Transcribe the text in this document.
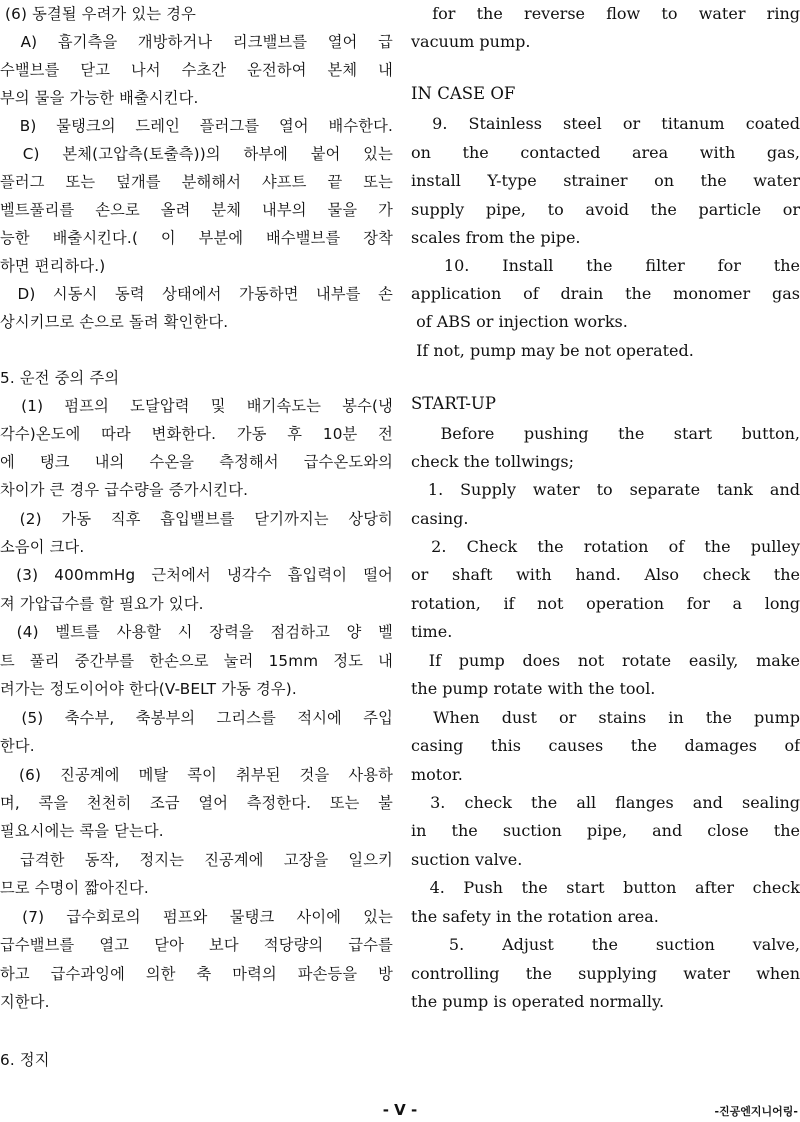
(6) 동결될 우려가 있는 경우
A) 흡기측을 개방하거나 리크밸브를 열어 급
수밸브를 닫고 나서 수초간 운전하여 본체 내
부의 물을 가능한 배출시킨다.
B) 물탱크의 드레인 플러그를 열어 배수한다.
C) 본체(고압측(토출측))의 하부에 붙어 있는
플러그 또는 덮개를 분해해서 샤프트 끝 또는
벨트풀리를 손으로 올려 분체 내부의 물을 가
능한 배출시킨다.( 이 부분에 배수밸브를 장착
하면 편리하다.)
D) 시동시 동력 상태에서 가동하면 내부를 손
상시키므로 손으로 돌려 확인한다.
5. 운전 중의 주의
(1) 펌프의 도달압력 및 배기속도는 봉수(냉
각수)온도에 따라 변화한다. 가동 후 10분 전
에 탱크 내의 수온을 측정해서 급수온도와의
차이가 큰 경우 급수량을 증가시킨다.
(2) 가동 직후 흡입밸브를 닫기까지는 상당히
소음이 크다.
(3) 400mmHg 근처에서 냉각수 흡입력이 떨어
져 가압급수를 할 필요가 있다.
(4) 벨트를 사용할 시 장력을 점검하고 양 벨
트 풀리 중간부를 한손으로 눌러 15mm 정도 내
려가는 정도이어야 한다(V-BELT 가동 경우).
(5) 축수부, 축봉부의 그리스를 적시에 주입
한다.
(6) 진공계에 메탈 콕이 취부된 것을 사용하
며, 콕을 천천히 조금 열어 측정한다. 또는 불
필요시에는 콕을 닫는다.
급격한 동작, 정지는 진공계에 고장을 일으키
므로 수명이 짧아진다.
(7) 급수회로의 펌프와 물탱크 사이에 있는
급수밸브를 열고 닫아 보다 적당량의 급수를
하고 급수과잉에 의한 축 마력의 파손등을 방
지한다.
6. 정지
for the reverse flow to water ring
vacuum pump.
IN CASE OF
9. Stainless steel or titanum coated
on the contacted area with gas,
install Y-type strainer on the water
supply pipe, to avoid the particle or
scales from the pipe.
10. Install the filter for the
application of drain the monomer gas
of ABS or injection works.
If not, pump may be not operated.
START-UP
Before pushing the start button,
check the tollwings;
1. Supply water to separate tank and
casing.
2. Check the rotation of the pulley
or shaft with hand. Also check the
rotation, if not operation for a long
time.
If pump does not rotate easily, make
the pump rotate with the tool.
When dust or stains in the pump
casing this causes the damages of
motor.
3. check the all flanges and sealing
in the suction pipe, and close the
suction valve.
4. Push the start button after check
the safety in the rotation area.
5. Adjust the suction valve,
controlling the supplying water when
the pump is operated normally.
- V -	-진공엔지니어링-
